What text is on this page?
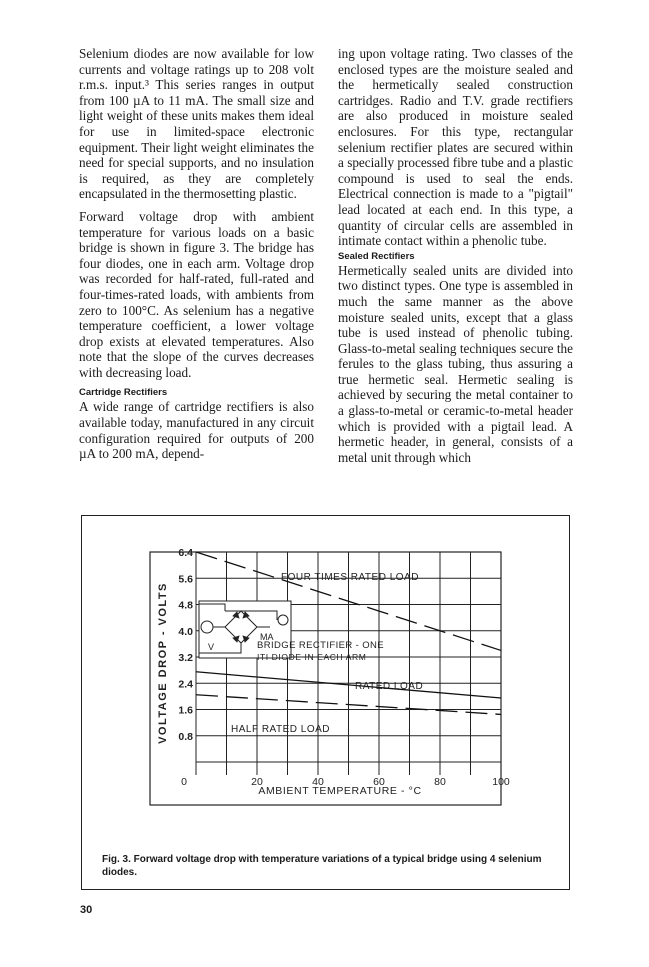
Selenium diodes are now available for low currents and voltage ratings up to 208 volt r.m.s. input.³ This series ranges in output from 100 µA to 11 mA. The small size and light weight of these units makes them ideal for use in limited-space electronic equipment. Their light weight eliminates the need for special supports, and no insulation is required, as they are completely encapsulated in the thermosetting plastic.

Forward voltage drop with ambient temperature for various loads on a basic bridge is shown in figure 3. The bridge has four diodes, one in each arm. Voltage drop was recorded for half-rated, full-rated and four-times-rated loads, with ambients from zero to 100°C. As selenium has a negative temperature coefficient, a lower voltage drop exists at elevated temperatures. Also note that the slope of the curves decreases with decreasing load.

Cartridge Rectifiers

A wide range of cartridge rectifiers is also available today, manufactured in any circuit configuration required for outputs of 200 µA to 200 mA, depend-

ing upon voltage rating. Two classes of the enclosed types are the moisture sealed and the hermetically sealed construction cartridges. Radio and T.V. grade rectifiers are also produced in moisture sealed enclosures. For this type, rectangular selenium rectifier plates are secured within a specially processed fibre tube and a plastic compound is used to seal the ends. Electrical connection is made to a "pigtail" lead located at each end. In this type, a quantity of circular cells are assembled in intimate contact within a phenolic tube.

Sealed Rectifiers

Hermetically sealed units are divided into two distinct types. One type is assembled in much the same manner as the above moisture sealed units, except that a glass tube is used instead of phenolic tubing. Glass-to-metal sealing techniques secure the ferules to the glass tubing, thus assuring a true hermetic seal. Hermetic sealing is achieved by securing the metal container to a glass-to-metal or ceramic-to-metal header which is provided with a pigtail lead. A hermetic header, in general, consists of a metal unit through which

0.8
1.6
2.4
3.2
4.0
4.8
5.6
6.4
0	20	40	60	80	100
V
MA
BRIDGE RECTIFIER - ONE
ITI DIODE IN EACH ARM
VOLTAGE DROP - VOLTS
AMBIENT TEMPERATURE - °C
FOUR TIMES RATED LOAD
RATED LOAD
HALF RATED LOAD
Fig. 3. Forward voltage drop with temperature variations of a typical bridge using 4 selenium diodes.
30
